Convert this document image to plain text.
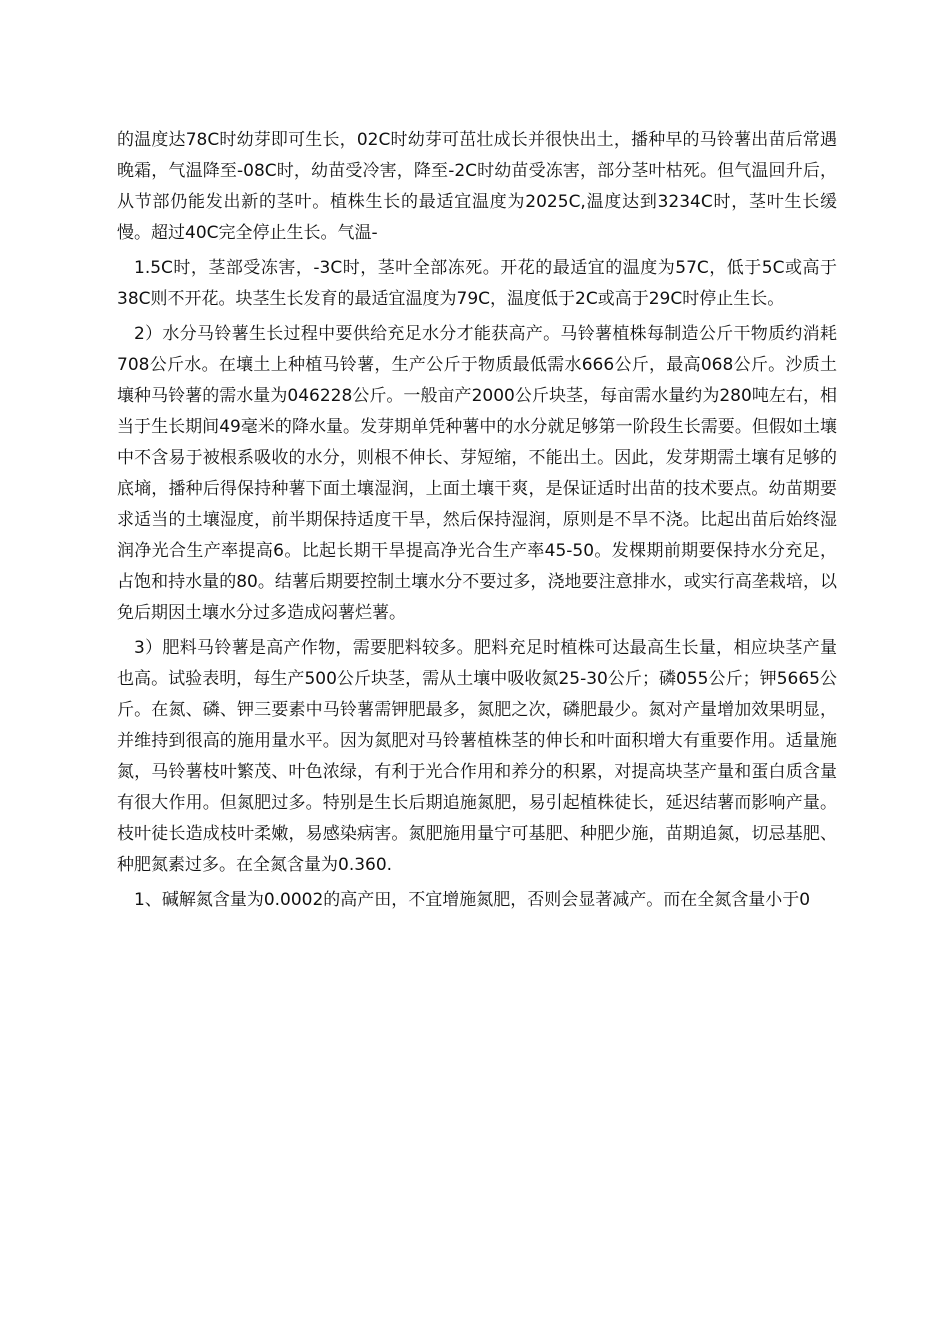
的温度达78C时幼芽即可生长，02C时幼芽可茁壮成长并很快出土，播种早的马铃薯出苗后常遇晚霜，气温降至-08C时，幼苗受冷害，降至-2C时幼苗受冻害，部分茎叶枯死。但气温回升后，从节部仍能发出新的茎叶。植株生长的最适宜温度为2025C,温度达到3234C时，茎叶生长缓慢。超过40C完全停止生长。气温-

1.5C时，茎部受冻害，-3C时，茎叶全部冻死。开花的最适宜的温度为57C，低于5C或高于38C则不开花。块茎生长发育的最适宜温度为79C，温度低于2C或高于29C时停止生长。

2）水分马铃薯生长过程中要供给充足水分才能获高产。马铃薯植株每制造公斤干物质约消耗708公斤水。在壤土上种植马铃薯，生产公斤于物质最低需水666公斤，最高068公斤。沙质土壤种马铃薯的需水量为046228公斤。一般亩产2000公斤块茎，每亩需水量约为280吨左右，相当于生长期间49毫米的降水量。发芽期单凭种薯中的水分就足够第一阶段生长需要。但假如土壤中不含易于被根系吸收的水分，则根不伸长、芽短缩，不能出土。因此，发芽期需土壤有足够的底墒，播种后得保持种薯下面土壤湿润，上面土壤干爽，是保证适时出苗的技术要点。幼苗期要求适当的土壤湿度，前半期保持适度干旱，然后保持湿润，原则是不旱不浇。比起出苗后始终湿润净光合生产率提高6。比起长期干旱提高净光合生产率45-50。发棵期前期要保持水分充足，占饱和持水量的80。结薯后期要控制土壤水分不要过多，浇地要注意排水，或实行高垄栽培，以免后期因土壤水分过多造成闷薯烂薯。

3）肥料马铃薯是高产作物，需要肥料较多。肥料充足时植株可达最高生长量，相应块茎产量也高。试验表明，每生产500公斤块茎，需从土壤中吸收氮25-30公斤；磷055公斤；钾5665公斤。在氮、磷、钾三要素中马铃薯需钾肥最多，氮肥之次，磷肥最少。氮对产量增加效果明显，并维持到很高的施用量水平。因为氮肥对马铃薯植株茎的伸长和叶面积增大有重要作用。适量施氮，马铃薯枝叶繁茂、叶色浓绿，有利于光合作用和养分的积累，对提高块茎产量和蛋白质含量有很大作用。但氮肥过多。特别是生长后期追施氮肥，易引起植株徒长，延迟结薯而影响产量。枝叶徒长造成枝叶柔嫩，易感染病害。氮肥施用量宁可基肥、种肥少施，苗期追氮，切忌基肥、种肥氮素过多。在全氮含量为0.360.

1、碱解氮含量为0.0002的高产田，不宜增施氮肥，否则会显著减产。而在全氮含量小于0
